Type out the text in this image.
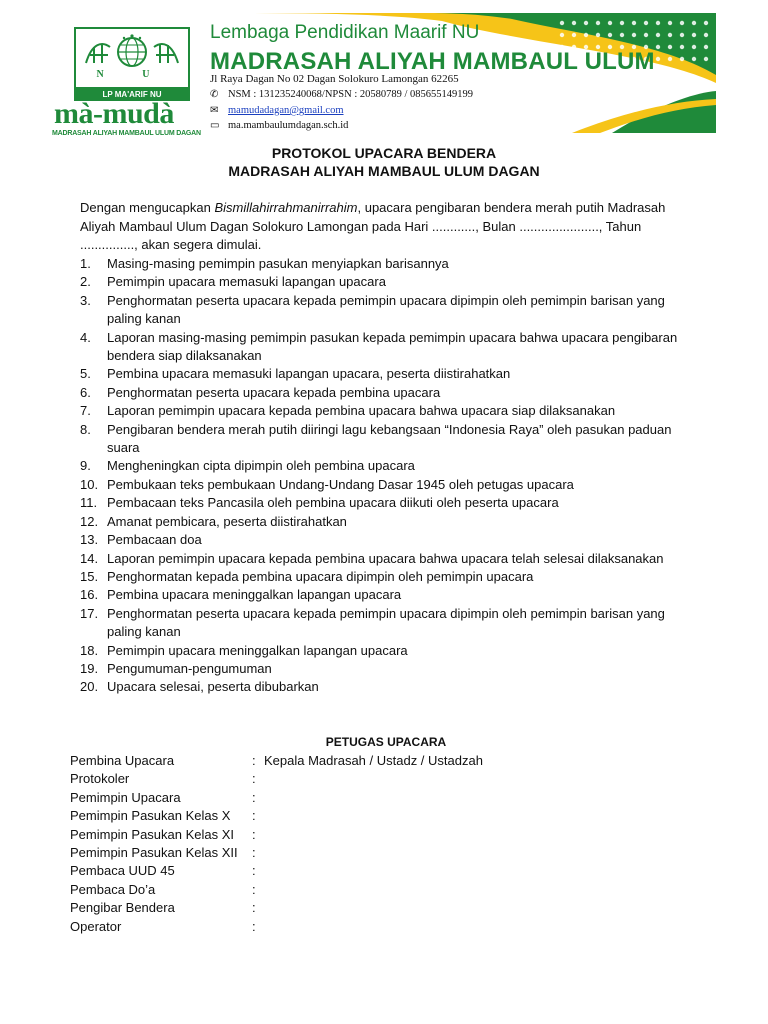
N U
LP MA'ARIF NU
mà-mudà
MADRASAH ALIYAH MAMBAUL ULUM DAGAN
Lembaga Pendidikan Maarif NU
MADRASAH ALIYAH MAMBAUL ULUM
Jl Raya Dagan No 02 Dagan Solokuro Lamongan 62265
✆ NSM : 131235240068/NPSN : 20580789 / 085655149199
✉ mamudadagan@gmail.com
▭ ma.mambaulumdagan.sch.id
PROTOKOL UPACARA BENDERA
MADRASAH ALIYAH MAMBAUL ULUM DAGAN
Dengan mengucapkan Bismillahirrahmanirrahim, upacara pengibaran bendera merah putih Madrasah Aliyah Mambaul Ulum Dagan Solokuro Lamongan pada Hari ............, Bulan ......................, Tahun ..............., akan segera dimulai.
1. Masing-masing pemimpin pasukan menyiapkan barisannya
2. Pemimpin upacara memasuki lapangan upacara
3. Penghormatan peserta upacara kepada pemimpin upacara dipimpin oleh pemimpin barisan yang paling kanan
4. Laporan masing-masing pemimpin pasukan kepada pemimpin upacara bahwa upacara pengibaran bendera siap dilaksanakan
5. Pembina upacara memasuki lapangan upacara, peserta diistirahatkan
6. Penghormatan peserta upacara kepada pembina upacara
7. Laporan pemimpin upacara kepada pembina upacara bahwa upacara siap dilaksanakan
8. Pengibaran bendera merah putih diiringi lagu kebangsaan “Indonesia Raya” oleh pasukan paduan suara
9. Mengheningkan cipta dipimpin oleh pembina upacara
10. Pembukaan teks pembukaan Undang-Undang Dasar 1945 oleh petugas upacara
11. Pembacaan teks Pancasila oleh pembina upacara diikuti oleh peserta upacara
12. Amanat pembicara, peserta diistirahatkan
13. Pembacaan doa
14. Laporan pemimpin upacara kepada pembina upacara bahwa upacara telah selesai dilaksanakan
15. Penghormatan kepada pembina upacara dipimpin oleh pemimpin upacara
16. Pembina upacara meninggalkan lapangan upacara
17. Penghormatan peserta upacara kepada pemimpin upacara dipimpin oleh pemimpin barisan yang paling kanan
18. Pemimpin upacara meninggalkan lapangan upacara
19. Pengumuman-pengumuman
20. Upacara selesai, peserta dibubarkan
PETUGAS UPACARA
Pembina Upacara	: Kepala Madrasah / Ustadz / Ustadzah
Protokoler	:
Pemimpin Upacara	:
Pemimpin Pasukan Kelas X :
Pemimpin Pasukan Kelas XI :
Pemimpin Pasukan Kelas XII :
Pembaca UUD 45	:
Pembaca Do’a	:
Pengibar Bendera	:
Operator	:
